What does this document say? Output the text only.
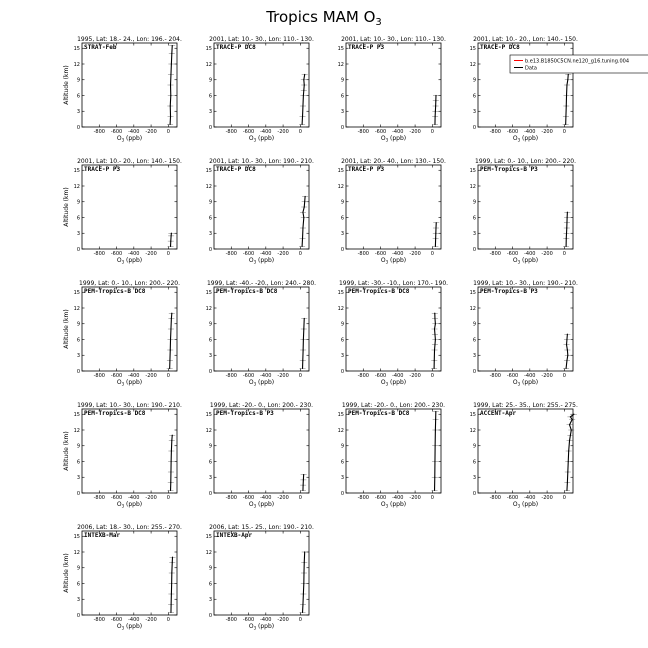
Tropics MAM $O_3$
1995, Lat: 18.- 24., Lon: 196.- 204.
STRAT-Feb
-800 -600 -400 -200 0
0
3
6
9
12
15
$O_3$ (ppb)
Altitude (km)
2001, Lat: 10.- 30., Lon: 110.- 130.
TRACE-P DC8
-800 -600 -400 -200 0
0
3
6
9
12
15
$O_3$ (ppb)
2001, Lat: 10.- 30., Lon: 110.- 130.
TRACE-P P3
-800 -600 -400 -200 0
0
3
6
9
12
15
$O_3$ (ppb)
2001, Lat: 10.- 20., Lon: 140.- 150.
TRACE-P DC8
-800 -600 -400 -200 0
0
3
6
9
12
15
$O_3$ (ppb)
b.e13.B1850C5CN.ne120_g16.tuning.004
Data
2001, Lat: 10.- 20., Lon: 140.- 150.
TRACE-P P3
-800 -600 -400 -200 0
0
3
6
9
12
15
$O_3$ (ppb)
Altitude (km)
2001, Lat: 10.- 30., Lon: 190.- 210.
TRACE-P DC8
-800 -600 -400 -200 0
0
3
6
9
12
15
$O_3$ (ppb)
2001, Lat: 20.- 40., Lon: 130.- 150.
TRACE-P P3
-800 -600 -400 -200 0
0
3
6
9
12
15
$O_3$ (ppb)
1999, Lat: 0.- 10., Lon: 200.- 220.
PEM-Tropics-B P3
-800 -600 -400 -200 0
0
3
6
9
12
15
$O_3$ (ppb)
1999, Lat: 0.- 10., Lon: 200.- 220.
PEM-Tropics-B DC8
-800 -600 -400 -200 0
0
3
6
9
12
15
$O_3$ (ppb)
Altitude (km)
1999, Lat: -40.- -20., Lon: 240.- 280.
PEM-Tropics-B DC8
-800 -600 -400 -200 0
0
3
6
9
12
15
$O_3$ (ppb)
1999, Lat: -30.- -10., Lon: 170.- 190.
PEM-Tropics-B DC8
-800 -600 -400 -200 0
0
3
6
9
12
15
$O_3$ (ppb)
1999, Lat: 10.- 30., Lon: 190.- 210.
PEM-Tropics-B P3
-800 -600 -400 -200 0
0
3
6
9
12
15
$O_3$ (ppb)
1999, Lat: 10.- 30., Lon: 190.- 210.
PEM-Tropics-B DC8
-800 -600 -400 -200 0
0
3
6
9
12
15
$O_3$ (ppb)
Altitude (km)
1999, Lat: -20.- 0., Lon: 200.- 230.
PEM-Tropics-B P3
-800 -600 -400 -200 0
0
3
6
9
12
15
$O_3$ (ppb)
1999, Lat: -20.- 0., Lon: 200.- 230.
PEM-Tropics-B DC8
-800 -600 -400 -200 0
0
3
6
9
12
15
$O_3$ (ppb)
1999, Lat: 25.- 35., Lon: 255.- 275.
ACCENT-Apr
-800 -600 -400 -200 0
0
3
6
9
12
15
$O_3$ (ppb)
2006, Lat: 18.- 30., Lon: 255.- 270.
INTEXB-Mar
-800 -600 -400 -200 0
0
3
6
9
12
15
$O_3$ (ppb)
Altitude (km)
2006, Lat: 15.- 25., Lon: 190.- 210.
INTEXB-Apr
-800 -600 -400 -200 0
0
3
6
9
12
15
$O_3$ (ppb)
